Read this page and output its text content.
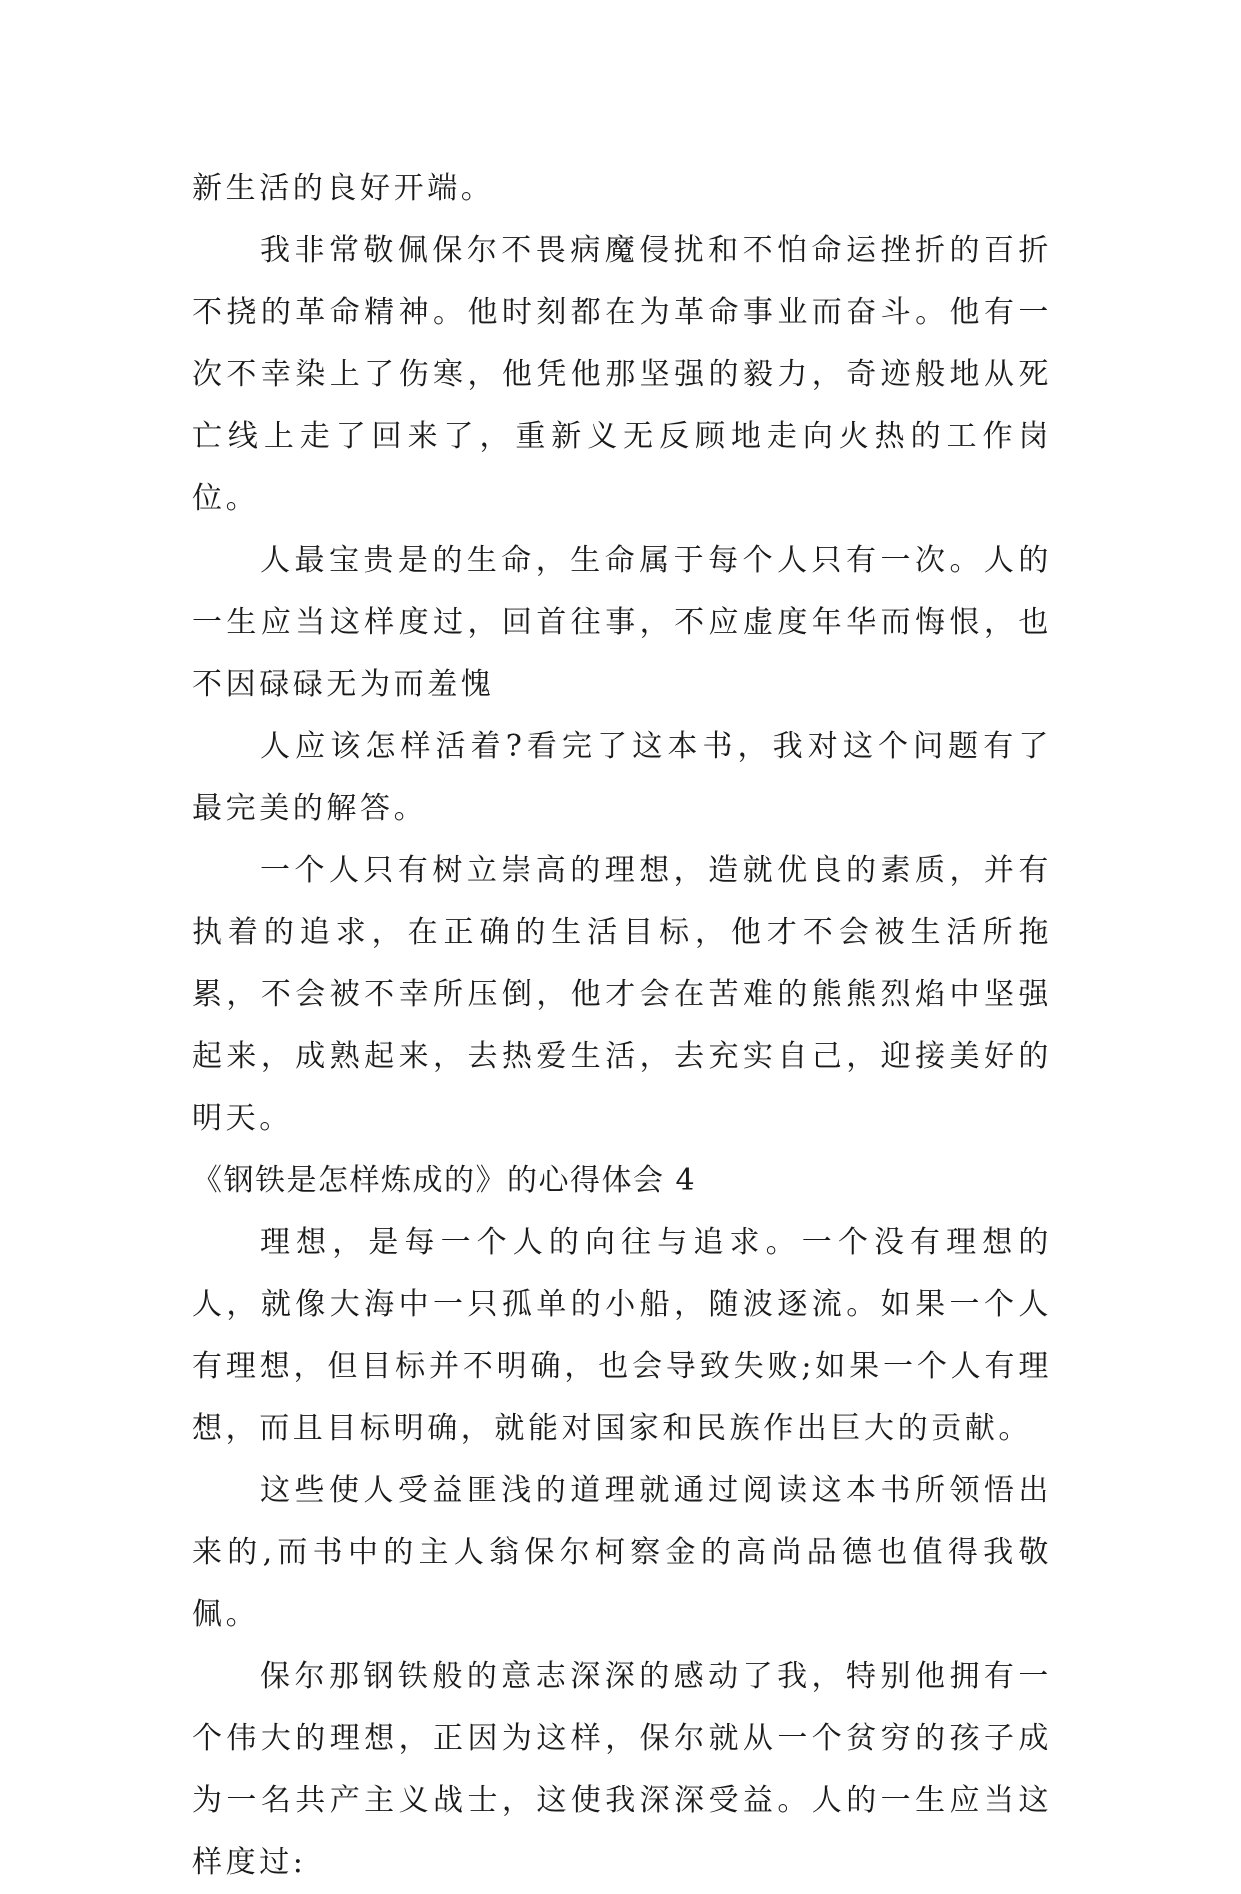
新生活的良好开端。

我非常敬佩保尔不畏病魔侵扰和不怕命运挫折的百折不挠的革命精神。他时刻都在为革命事业而奋斗。他有一次不幸染上了伤寒，他凭他那坚强的毅力，奇迹般地从死亡线上走了回来了，重新义无反顾地走向火热的工作岗位。

人最宝贵是的生命，生命属于每个人只有一次。人的一生应当这样度过，回首往事，不应虚度年华而悔恨，也不因碌碌无为而羞愧

人应该怎样活着?看完了这本书，我对这个问题有了最完美的解答。

一个人只有树立崇高的理想，造就优良的素质，并有执着的追求，在正确的生活目标，他才不会被生活所拖累，不会被不幸所压倒，他才会在苦难的熊熊烈焰中坚强起来，成熟起来，去热爱生活，去充实自己，迎接美好的明天。

《钢铁是怎样炼成的》的心得体会 4

理想，是每一个人的向往与追求。一个没有理想的人，就像大海中一只孤单的小船，随波逐流。如果一个人有理想，但目标并不明确，也会导致失败;如果一个人有理想，而且目标明确，就能对国家和民族作出巨大的贡献。

这些使人受益匪浅的道理就通过阅读这本书所领悟出来的,而书中的主人翁保尔柯察金的高尚品德也值得我敬佩。

保尔那钢铁般的意志深深的感动了我，特别他拥有一个伟大的理想，正因为这样，保尔就从一个贫穷的孩子成为一名共产主义战士，这使我深深受益。人的一生应当这样度过:
